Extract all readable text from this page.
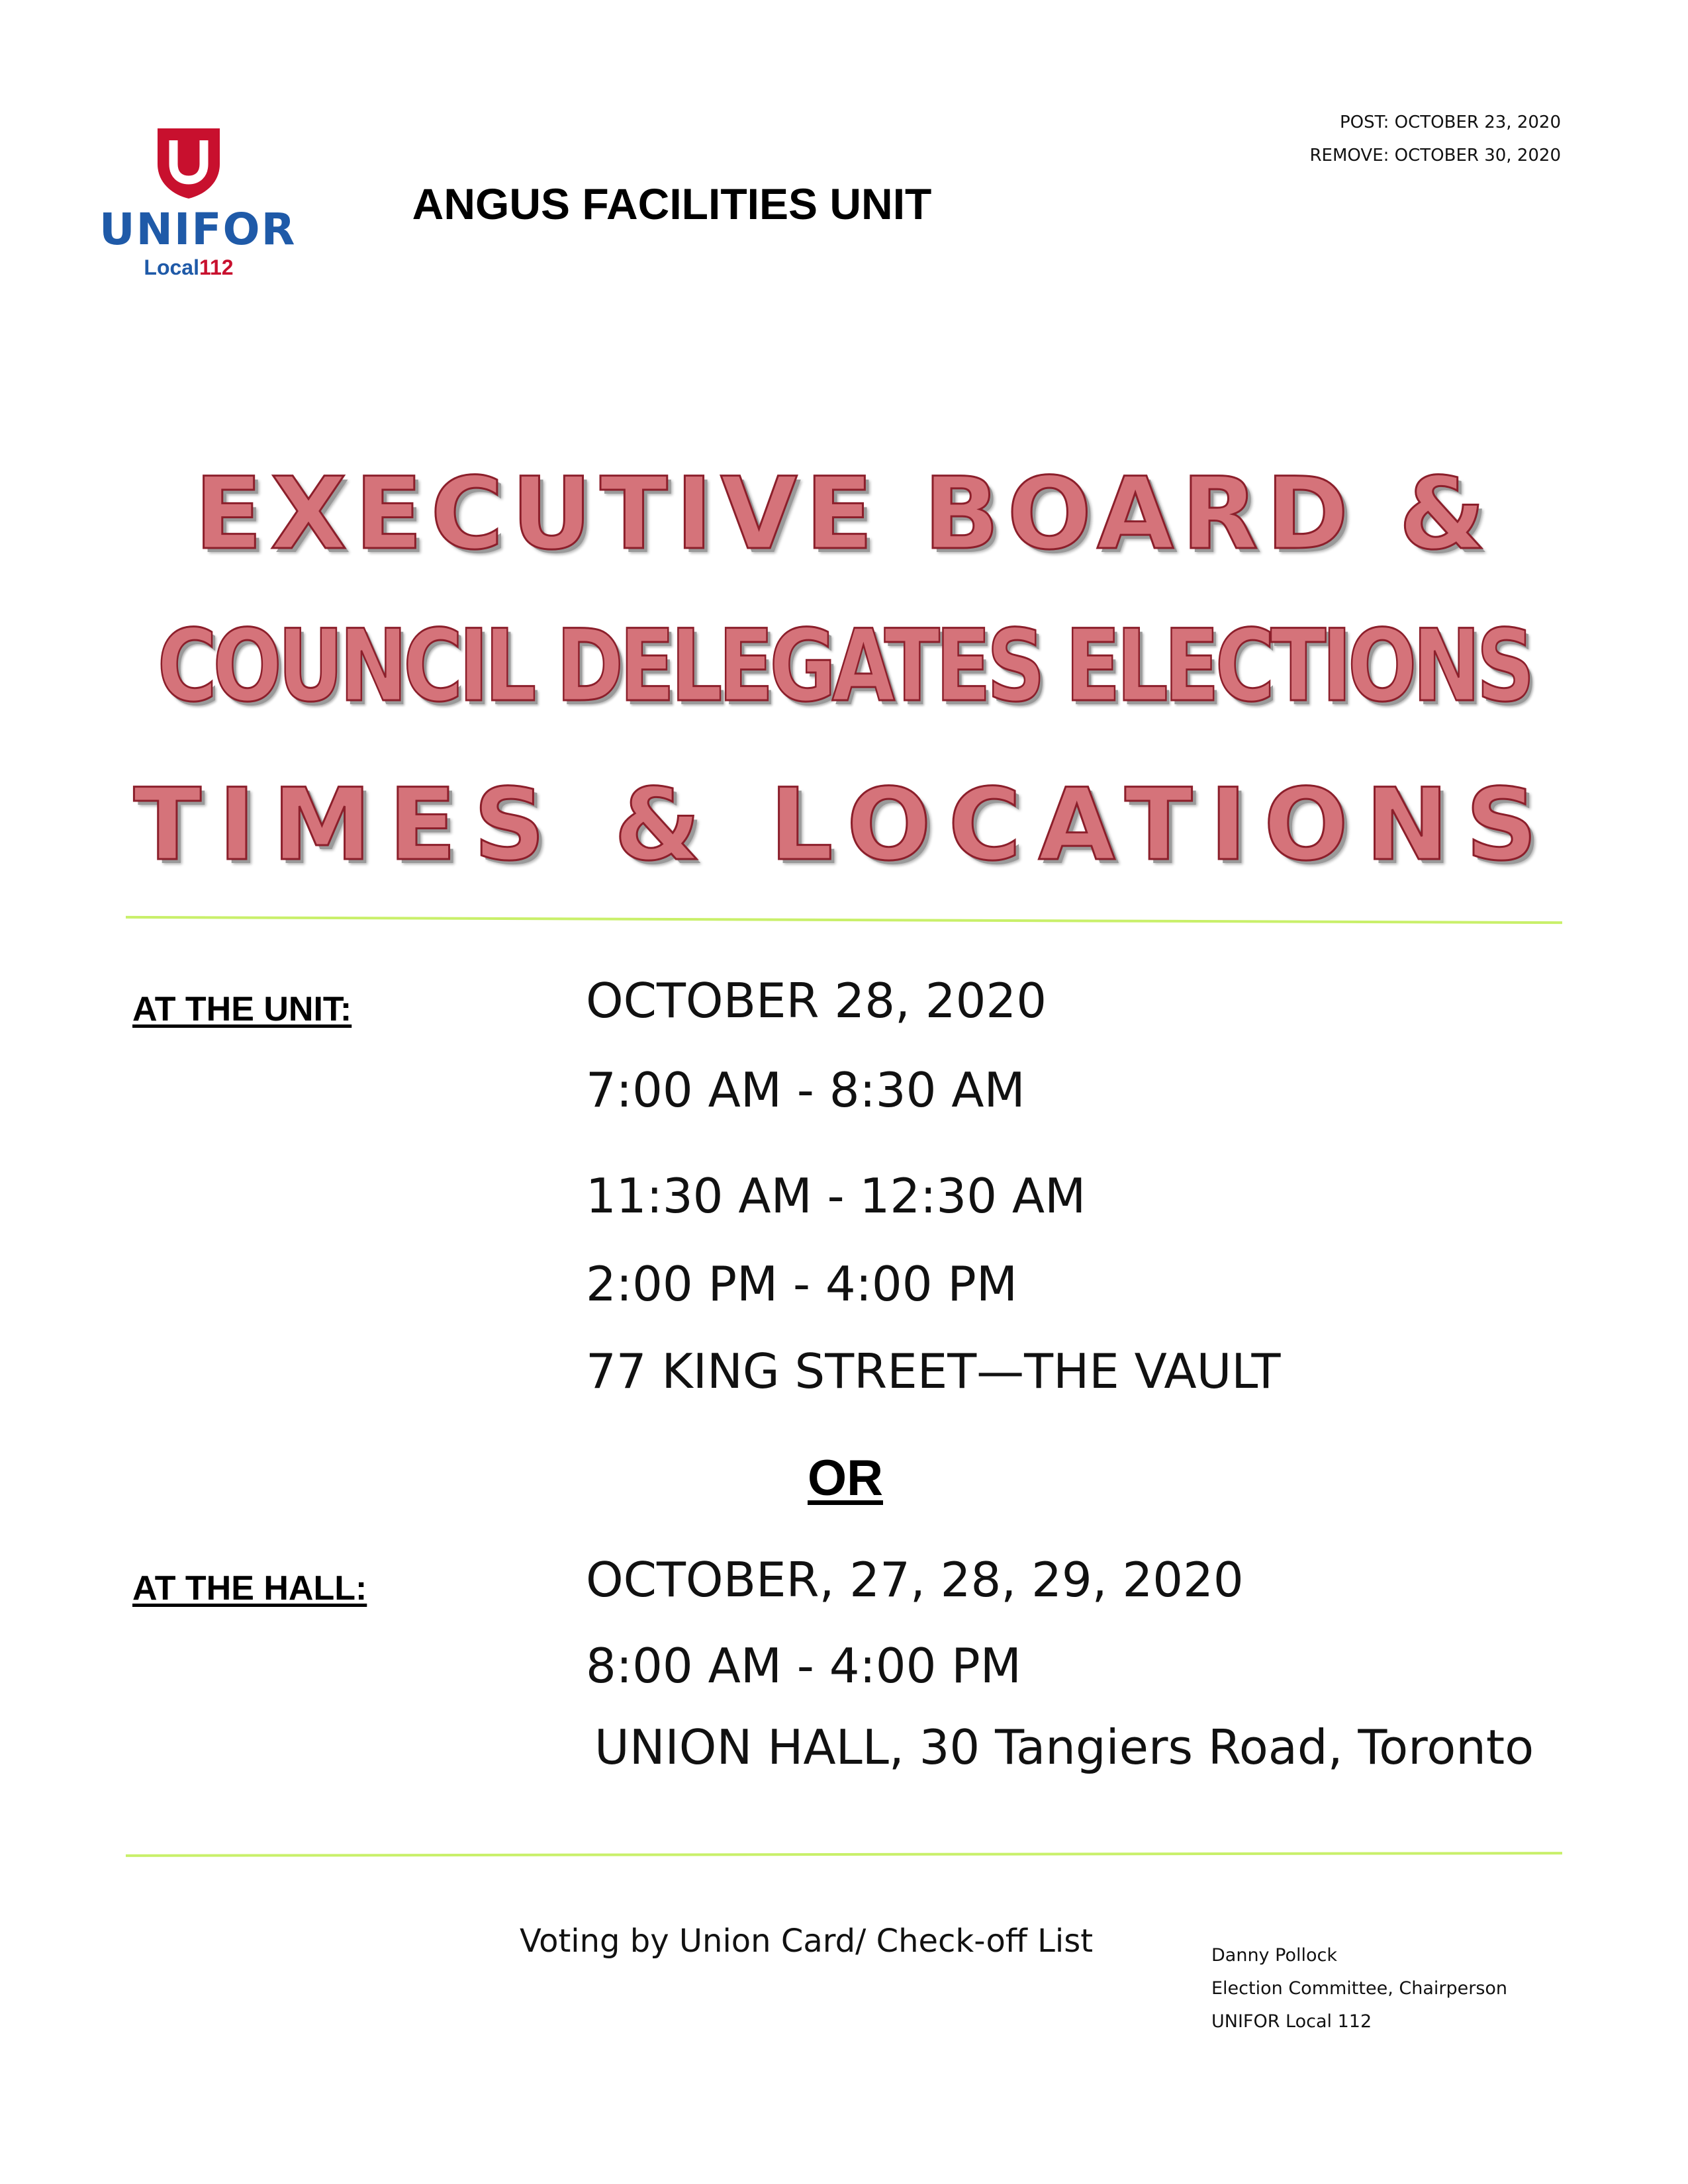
UNIFOR
Local112
POST: OCTOBER 23, 2020
REMOVE: OCTOBER 30, 2020
ANGUS FACILITIES UNIT
EXECUTIVE BOARD &
COUNCIL DELEGATES ELECTIONS
TIMES & LOCATIONS
AT THE UNIT:	OCTOBER 28, 2020
7:00 AM - 8:30 AM
11:30 AM - 12:30 AM
2:00 PM - 4:00 PM
77 KING STREET—THE VAULT
OR
AT THE HALL:	OCTOBER, 27, 28, 29, 2020
8:00 AM - 4:00 PM
UNION HALL, 30 Tangiers Road, Toronto
Voting by Union Card/ Check-off List	Danny Pollock
Election Committee, Chairperson
UNIFOR Local 112
